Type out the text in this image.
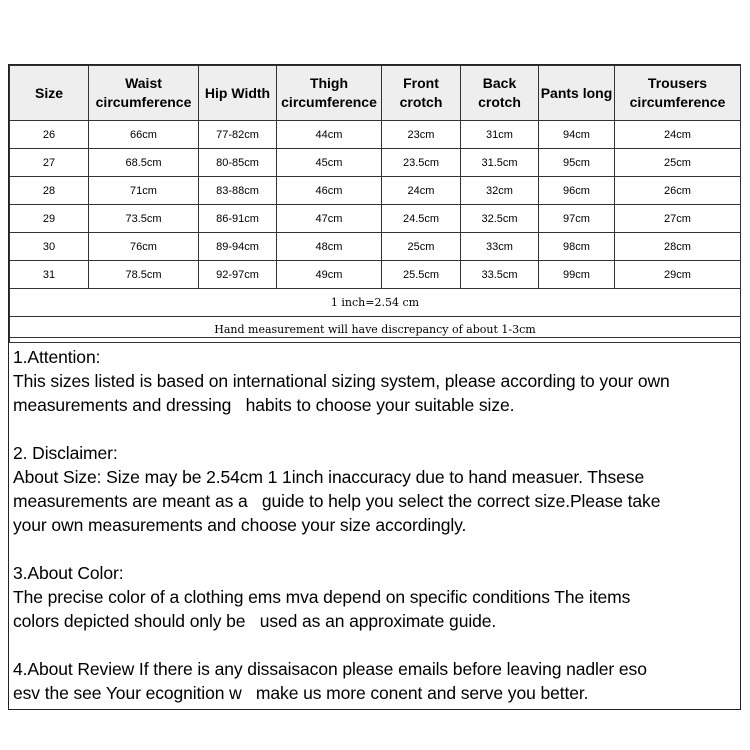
Size	Waist circumference	Hip Width	Thigh circumference	Front crotch	Back crotch	Pants long	Trousers circumference
26	66cm	77-82cm	44cm	23cm	31cm	94cm	24cm
27	68.5cm	80-85cm	45cm	23.5cm	31.5cm	95cm	25cm
28	71cm	83-88cm	46cm	24cm	32cm	96cm	26cm
29	73.5cm	86-91cm	47cm	24.5cm	32.5cm	97cm	27cm
30	76cm	89-94cm	48cm	25cm	33cm	98cm	28cm
31	78.5cm	92-97cm	49cm	25.5cm	33.5cm	99cm	29cm
1 inch=2.54 cm							
Hand measurement will have discrepancy of about 1-3cm							
1.Attention:
This sizes listed is based on international sizing system, please according to your own
measurements and dressing   habits to choose your suitable size.
2. Disclaimer:
About Size: Size may be 2.54cm 1 1inch inaccuracy due to hand measuer. Thsese
measurements are meant as a   guide to help you select the correct size.Please take
your own measurements and choose your size accordingly.
3.About Color:
The precise color of a clothing ems mva depend on specific conditions The items
colors depicted should only be   used as an approximate guide.
4.About Review If there is any dissaisacon please emails before leaving nadler eso
esv the see Your ecognition w   make us more conent and serve you better.
